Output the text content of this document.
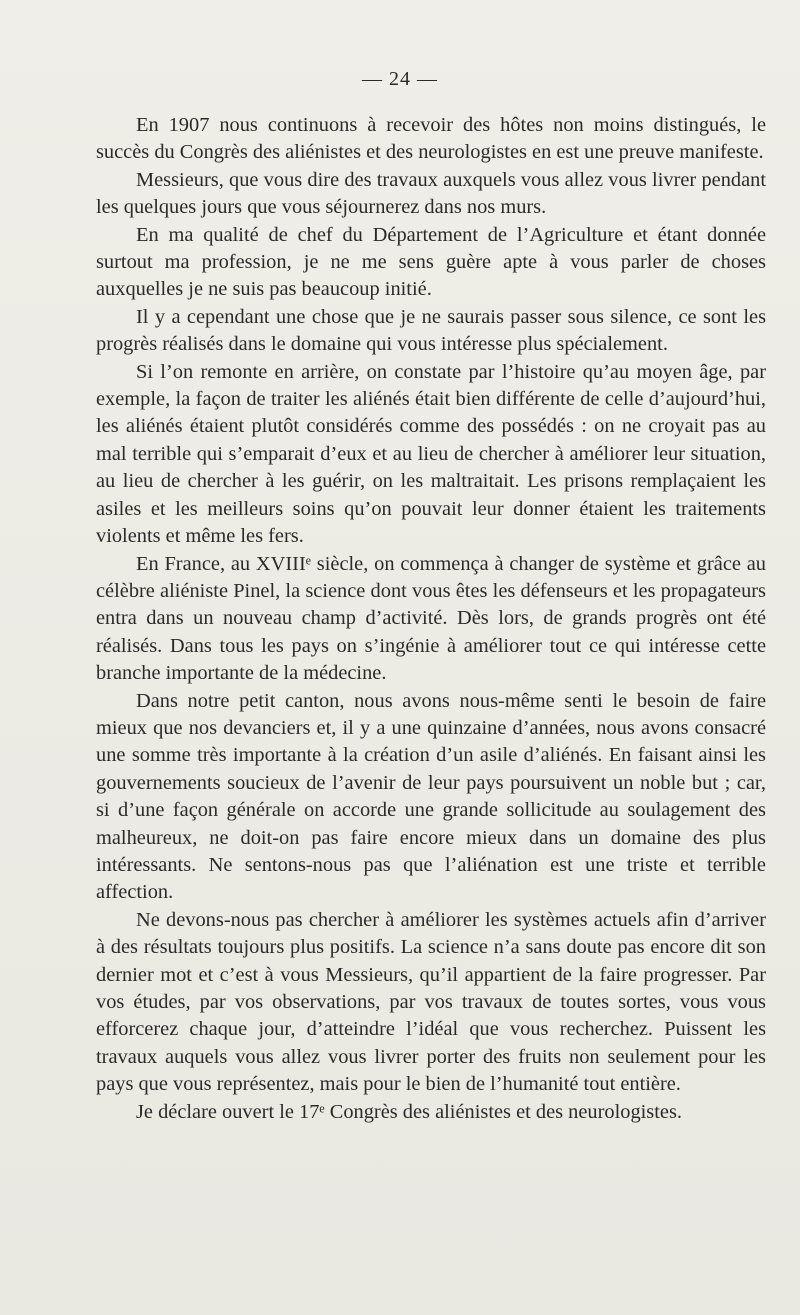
— 24 —

En 1907 nous continuons à recevoir des hôtes non moins distingués, le succès du Congrès des aliénistes et des neurologistes en est une preuve manifeste.

Messieurs, que vous dire des travaux auxquels vous allez vous livrer pendant les quelques jours que vous séjournerez dans nos murs.

En ma qualité de chef du Département de l’Agriculture et étant donnée surtout ma profession, je ne me sens guère apte à vous parler de choses auxquelles je ne suis pas beaucoup initié.

Il y a cependant une chose que je ne saurais passer sous silence, ce sont les progrès réalisés dans le domaine qui vous intéresse plus spécialement.

Si l’on remonte en arrière, on constate par l’histoire qu’au moyen âge, par exemple, la façon de traiter les aliénés était bien différente de celle d’aujourd’hui, les aliénés étaient plutôt considérés comme des possédés : on ne croyait pas au mal terrible qui s’emparait d’eux et au lieu de chercher à améliorer leur situation, au lieu de chercher à les guérir, on les maltraitait. Les prisons remplaçaient les asiles et les meilleurs soins qu’on pouvait leur donner étaient les traitements violents et même les fers.

En France, au XVIIIᵉ siècle, on commença à changer de système et grâce au célèbre aliéniste Pinel, la science dont vous êtes les défenseurs et les propagateurs entra dans un nouveau champ d’activité. Dès lors, de grands progrès ont été réalisés. Dans tous les pays on s’ingénie à améliorer tout ce qui intéresse cette branche importante de la médecine.

Dans notre petit canton, nous avons nous-même senti le besoin de faire mieux que nos devanciers et, il y a une quinzaine d’années, nous avons consacré une somme très importante à la création d’un asile d’aliénés. En faisant ainsi les gouvernements soucieux de l’avenir de leur pays poursuivent un noble but ; car, si d’une façon générale on accorde une grande sollicitude au soulagement des malheureux, ne doit-on pas faire encore mieux dans un domaine des plus intéressants. Ne sentons-nous pas que l’aliénation est une triste et terrible affection.

Ne devons-nous pas chercher à améliorer les systèmes actuels afin d’arriver à des résultats toujours plus positifs. La science n’a sans doute pas encore dit son dernier mot et c’est à vous Messieurs, qu’il appartient de la faire progresser. Par vos études, par vos observations, par vos travaux de toutes sortes, vous vous efforcerez chaque jour, d’atteindre l’idéal que vous recherchez. Puissent les travaux auquels vous allez vous livrer porter des fruits non seulement pour les pays que vous représentez, mais pour le bien de l’humanité tout entière.

Je déclare ouvert le 17ᵉ Congrès des aliénistes et des neurologistes.
